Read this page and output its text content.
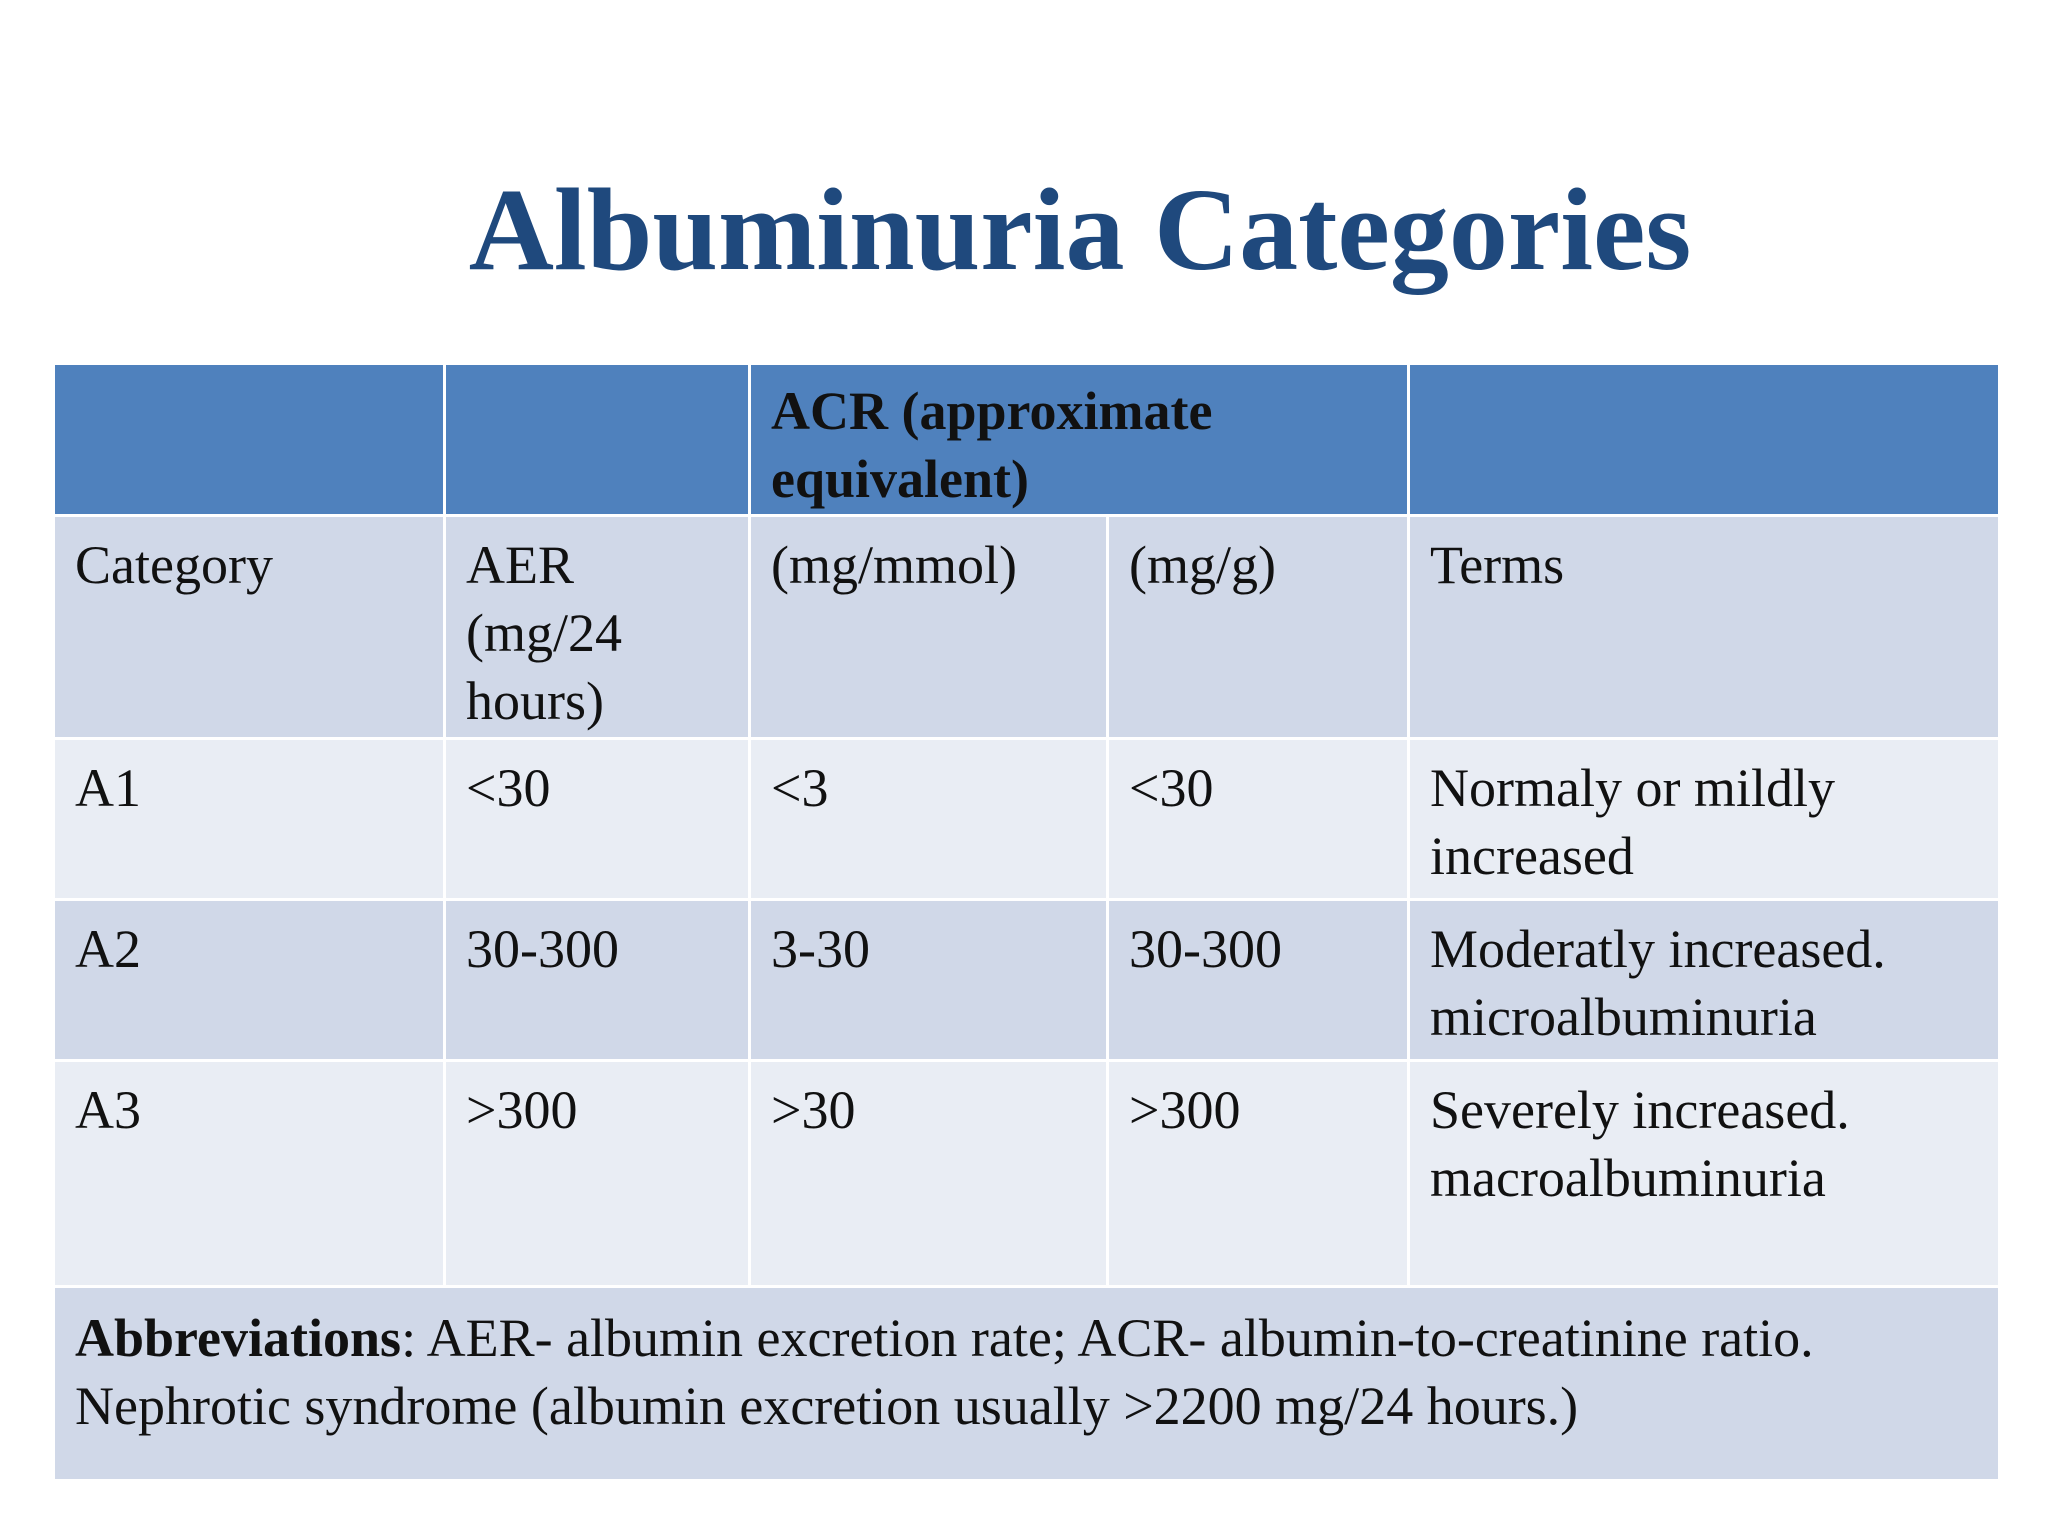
Albuminuria Categories
		ACR (approximate equivalent)		
Category	AER (mg/24 hours)	(mg/mmol)	(mg/g)	Terms
A1	<30	<3	<30	Normaly or mildly increased
A2	30-300	3-30	30-300	Moderatly increased. microalbuminuria
A3	>300	>30	>300	Severely increased. macroalbuminuria
Abbreviations: AER- albumin excretion rate; ACR- albumin-to-creatinine ratio. Nephrotic syndrome (albumin excretion usually >2200 mg/24 hours.)				
